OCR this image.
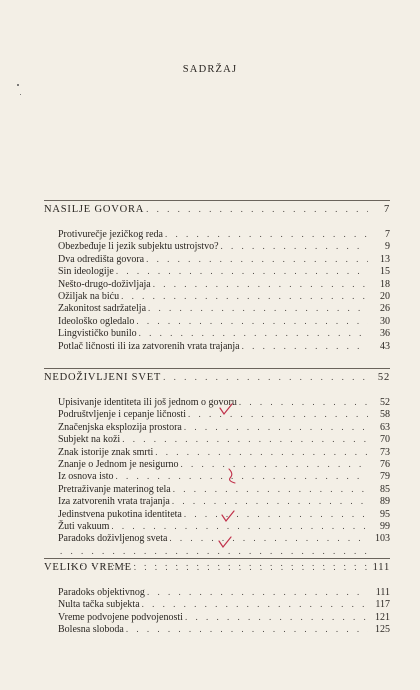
SADRŽAJ
NASILJE GOVORA . . .	7
Protivurečje jezičkog reda . . .	7
Obezbeđuje li jezik subjektu ustrojstvo? . . .	9
Dva odredišta govora . . .	13
Sin ideologije . . .	15
Nešto-drugo-doživljaja . . .	18
Ožiljak na biću . . .	20
Zakonitost sadržatelja . . .	26
Ideološko ogledalo . . .	30
Lingvističko bunilo . . .	36
Potlač ličnosti ili iza zatvorenih vrata trajanja . . .	43
NEDOŽIVLJENI SVET . . .	52
Upisivanje identiteta ili još jednom o govoru . . .	52
Podruštvljenje i cepanje ličnosti . . .	58
Značenjska eksplozija prostora . . .	63
Subjekt na koži . . .	70
Znak istorije znak smrti . . .	73
Znanje o Jednom je nesigurno . . .	76
Iz osnova isto . . .	79
Pretraživanje materinog tela . . .	85
Iza zatvorenih vrata trajanja . . .	89
Jedinstvena pukotina identiteta . . .	95
Žuti vakuum . . .	99
Paradoks doživljenog sveta . . .	103
. . .
. . .
VELIKO VREME . . .	111
Paradoks objektivnog . . .	111
Nulta tačka subjekta . . .	117
Vreme podvojene podvojenosti . . .	121
Bolesna sloboda . . .	125
